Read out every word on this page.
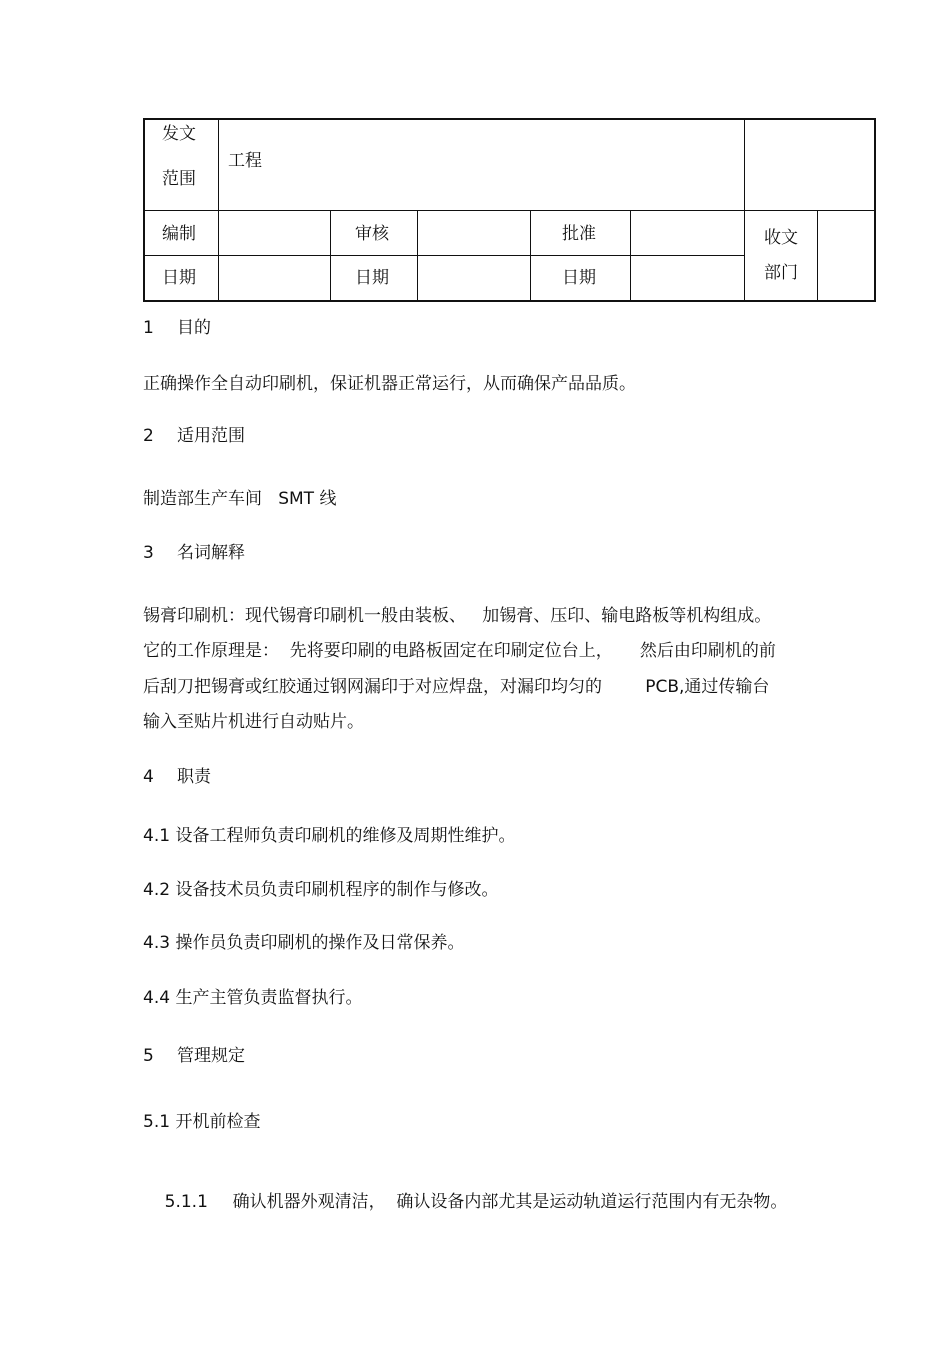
发文
范围
工程
编制	审核	批准
日期	日期	日期
收文
部门
1 目的
正确操作全自动印刷机，保证机器正常运行，从而确保产品品质。
2 适用范围
制造部生产车间   SMT 线
3 名词解释
锡膏印刷机：现代锡膏印刷机一般由装板、   加锡膏、压印、输电路板等机构组成。
它的工作原理是：  先将要印刷的电路板固定在印刷定位台上，     然后由印刷机的前
后刮刀把锡膏或红胶通过钢网漏印于对应焊盘，对漏印均匀的        PCB,通过传输台
输入至贴片机进行自动贴片。
4 职责
4.1 设备工程师负责印刷机的维修及周期性维护。
4.2 设备技术员负责印刷机程序的制作与修改。
4.3 操作员负责印刷机的操作及日常保养。
4.4 生产主管负责监督执行。
5 管理规定
5.1 开机前检查

5.1.1 确认机器外观清洁，  确认设备内部尤其是运动轨道运行范围内有无杂物。
